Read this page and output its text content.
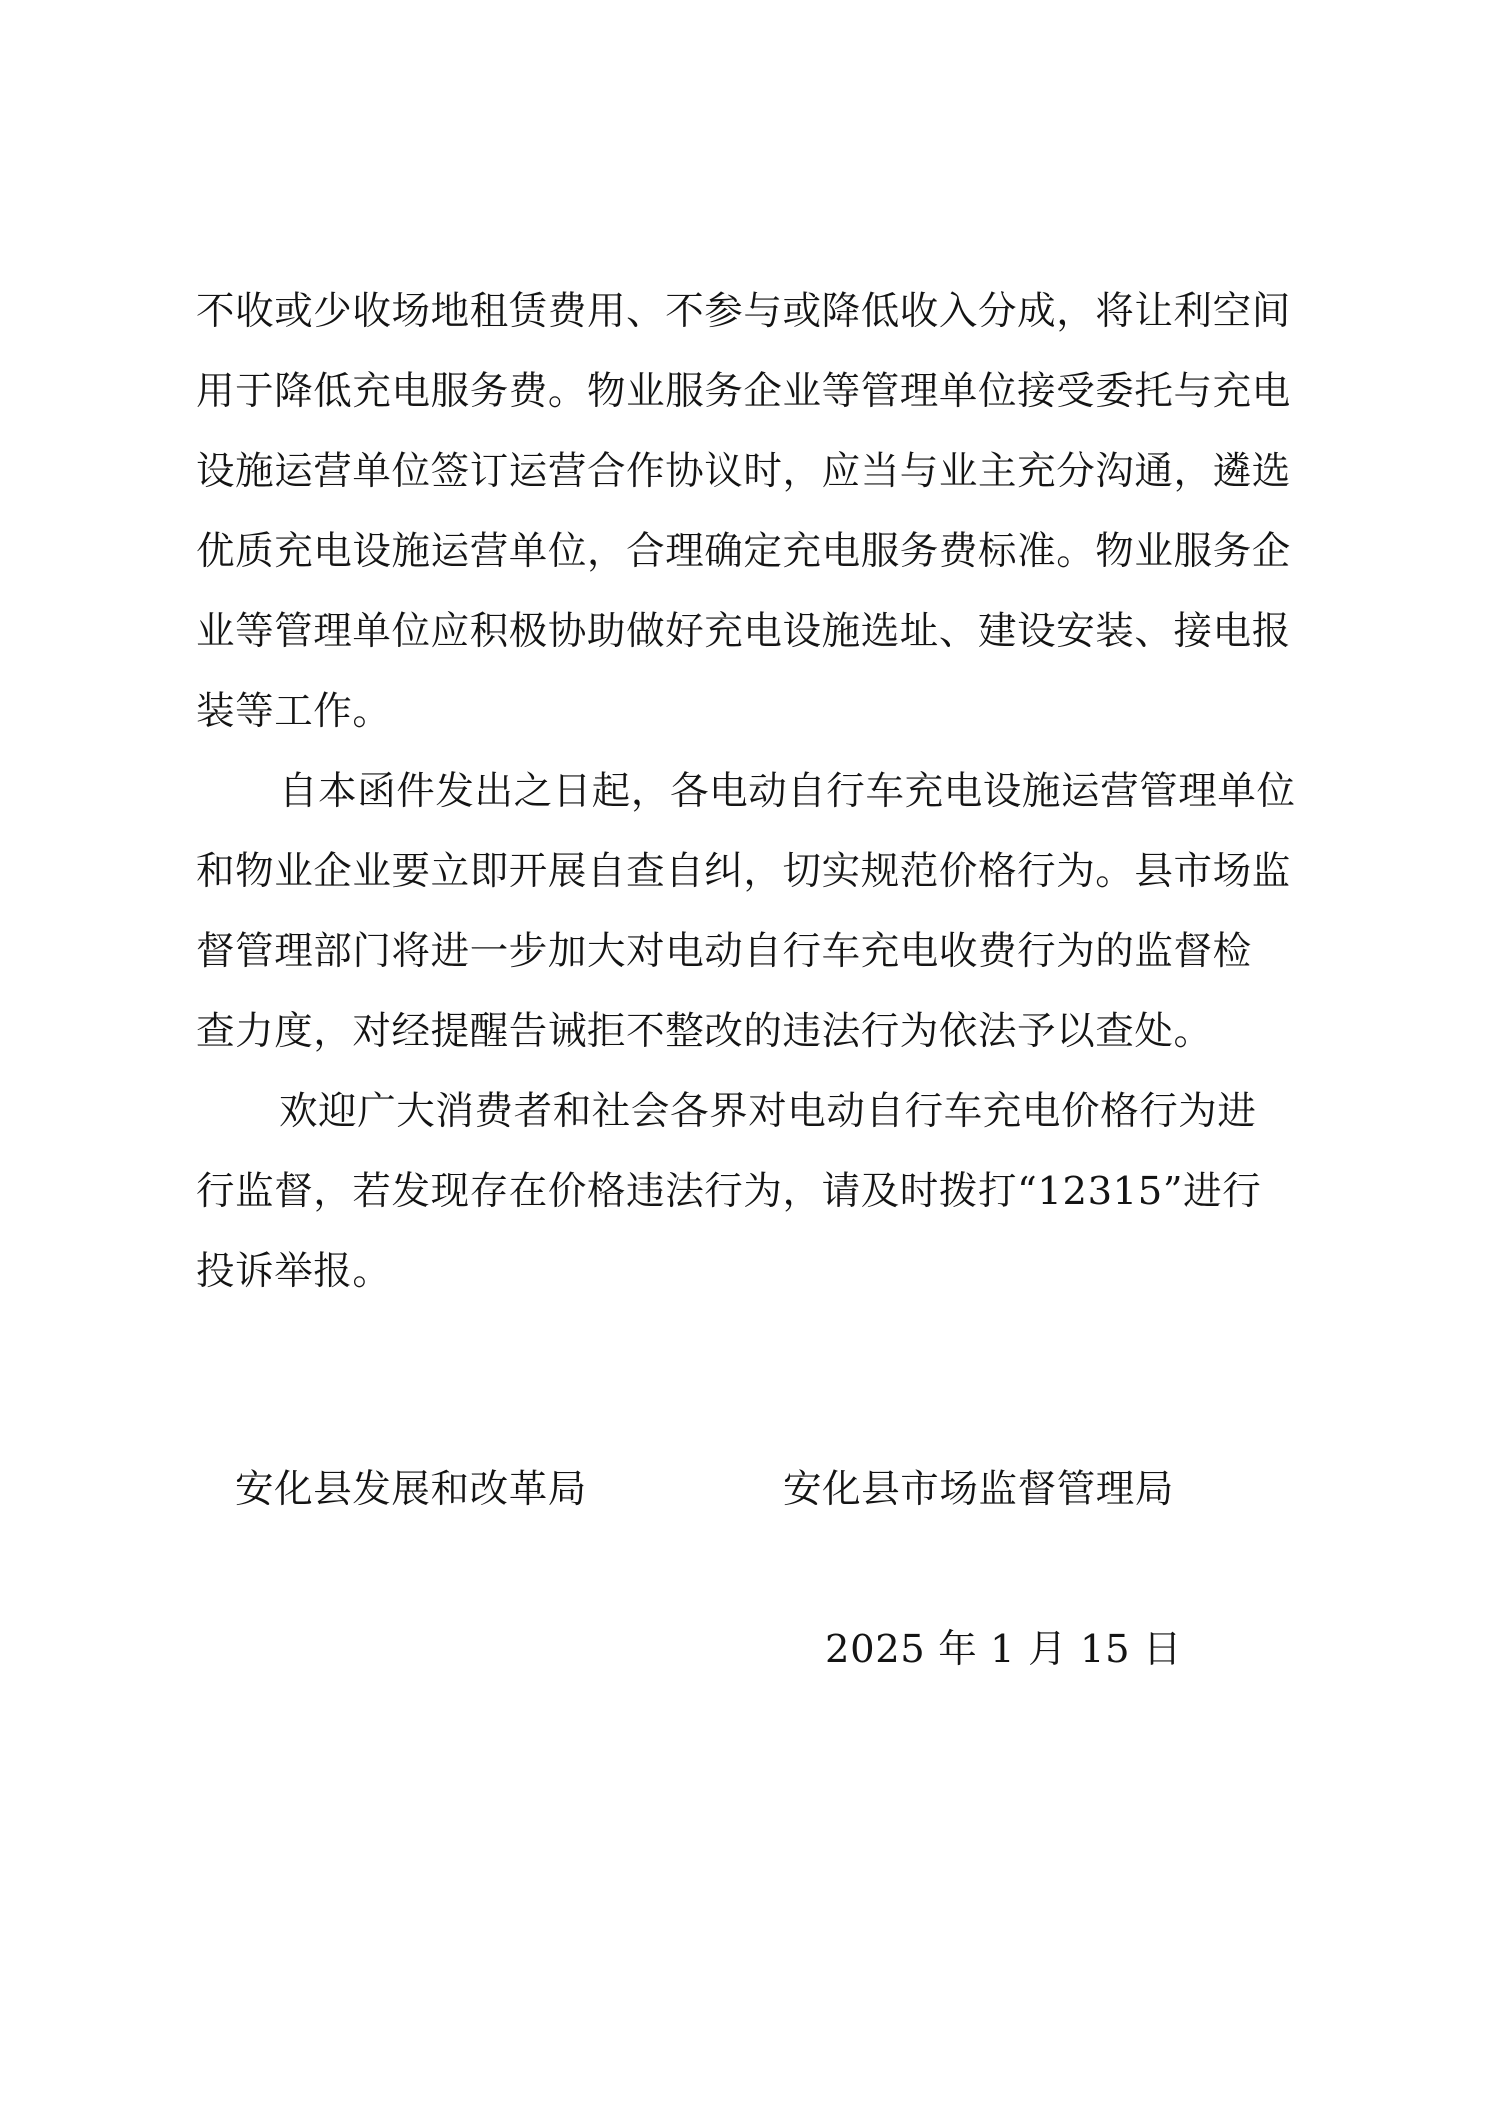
不收或少收场地租赁费用、不参与或降低收入分成，将让利空间
用于降低充电服务费。物业服务企业等管理单位接受委托与充电
设施运营单位签订运营合作协议时，应当与业主充分沟通，遴选
优质充电设施运营单位，合理确定充电服务费标准。物业服务企
业等管理单位应积极协助做好充电设施选址、建设安装、接电报
装等工作。
自本函件发出之日起，各电动自行车充电设施运营管理单位
和物业企业要立即开展自查自纠，切实规范价格行为。县市场监
督管理部门将进一步加大对电动自行车充电收费行为的监督检
查力度，对经提醒告诫拒不整改的违法行为依法予以查处。
欢迎广大消费者和社会各界对电动自行车充电价格行为进
行监督，若发现存在价格违法行为，请及时拨打“12315”进行
投诉举报。
安化县发展和改革局	安化县市场监督管理局
2025 年 1 月 15 日
